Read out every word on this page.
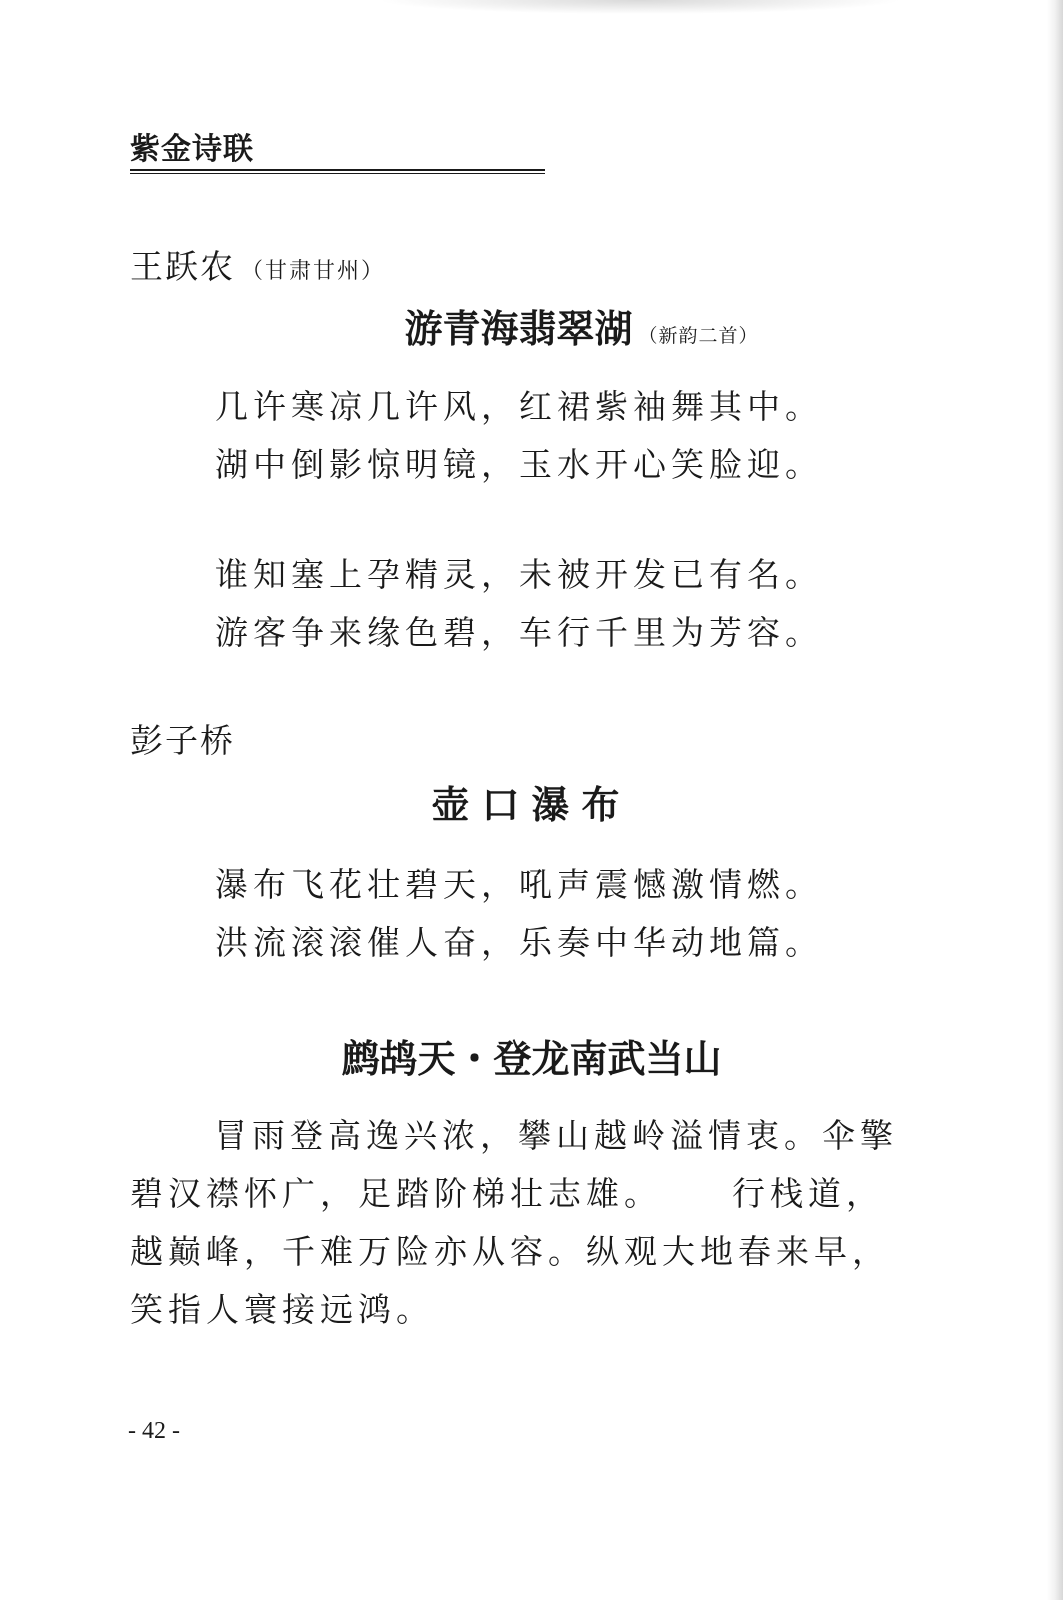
紫金诗联
王跃农 （甘肃甘州）
游青海翡翠湖 （新韵二首）
几许寒凉几许风，红裙紫袖舞其中。
湖中倒影惊明镜，玉水开心笑脸迎。
谁知塞上孕精灵，未被开发已有名。
游客争来缘色碧，车行千里为芳容。
彭子桥
壶口瀑布
瀑布飞花壮碧天，吼声震憾激情燃。
洪流滚滚催人奋，乐奏中华动地篇。
鹧鸪天・登龙南武当山
冒雨登高逸兴浓，攀山越岭溢情衷。伞擎
碧汉襟怀广，足踏阶梯壮志雄。 行栈道，
越巅峰，千难万险亦从容。纵观大地春来早，
笑指人寰接远鸿。
- 42 -
